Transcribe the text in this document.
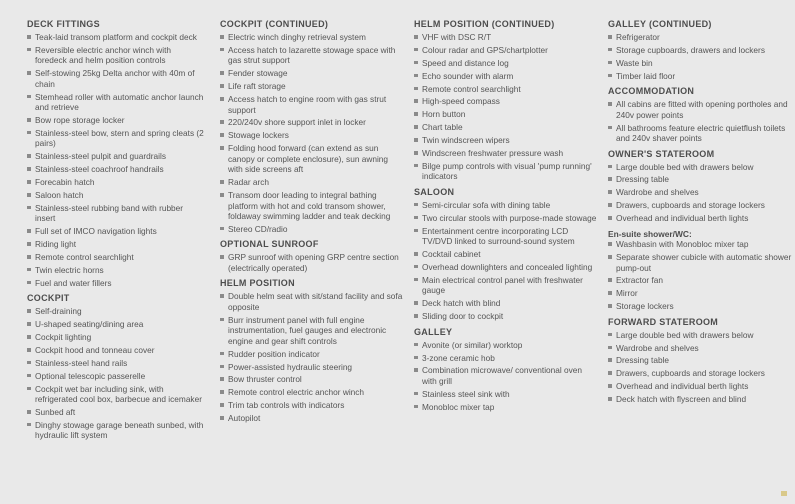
DECK FITTINGS
Teak-laid transom platform and cockpit deck
Reversible electric anchor winch with foredeck and helm position controls
Self-stowing 25kg Delta anchor with 40m of chain
Stemhead roller with automatic anchor launch and retrieve
Bow rope storage locker
Stainless-steel bow, stern and spring cleats (2 pairs)
Stainless-steel pulpit and guardrails
Stainless-steel coachroof handrails
Forecabin hatch
Saloon hatch
Stainless-steel rubbing band with rubber insert
Full set of IMCO navigation lights
Riding light
Remote control searchlight
Twin electric horns
Fuel and water fillers
COCKPIT
Self-draining
U-shaped seating/dining area
Cockpit lighting
Cockpit hood and tonneau cover
Stainless-steel hand rails
Optional telescopic passerelle
Cockpit wet bar including sink, with refrigerated cool box, barbecue and icemaker
Sunbed aft
Dinghy stowage garage beneath sunbed, with hydraulic lift system
COCKPIT (CONTINUED)
Electric winch dinghy retrieval system
Access hatch to lazarette stowage space with gas strut support
Fender stowage
Life raft storage
Access hatch to engine room with gas strut support
220/240v shore support inlet in locker
Stowage lockers
Folding hood forward (can extend as sun canopy or complete enclosure), sun awning with side screens aft
Radar arch
Transom door leading to integral bathing platform with hot and cold transom shower, foldaway swimming ladder and teak decking
Stereo CD/radio
OPTIONAL SUNROOF
GRP sunroof with opening GRP centre section (electrically operated)
HELM POSITION
Double helm seat with sit/stand facility and sofa opposite
Burr instrument panel with full engine instrumentation, fuel gauges and electronic engine and gear shift controls
Rudder position indicator
Power-assisted hydraulic steering
Bow thruster control
Remote control electric anchor winch
Trim tab controls with indicators
Autopilot
HELM POSITION (CONTINUED)
VHF with DSC R/T
Colour radar and GPS/chartplotter
Speed and distance log
Echo sounder with alarm
Remote control searchlight
High-speed compass
Horn button
Chart table
Twin windscreen wipers
Windscreen freshwater pressure wash
Bilge pump controls with visual 'pump running' indicators
SALOON
Semi-circular sofa with dining table
Two circular stools with purpose-made stowage
Entertainment centre incorporating LCD TV/DVD linked to surround-sound system
Cocktail cabinet
Overhead downlighters and concealed lighting
Main electrical control panel with freshwater gauge
Deck hatch with blind
Sliding door to cockpit
GALLEY
Avonite (or similar) worktop
3-zone ceramic hob
Combination microwave/ conventional oven with grill
Stainless steel sink with
Monobloc mixer tap
GALLEY (CONTINUED)
Refrigerator
Storage cupboards, drawers and lockers
Waste bin
Timber laid floor
ACCOMMODATION
All cabins are fitted with opening portholes and 240v power points
All bathrooms feature electric quietflush toilets and 240v shaver points
OWNER'S STATEROOM
Large double bed with drawers below
Dressing table
Wardrobe and shelves
Drawers, cupboards and storage lockers
Overhead and individual berth lights
En-suite shower/WC:
Washbasin with Monobloc mixer tap
Separate shower cubicle with automatic shower pump-out
Extractor fan
Mirror
Storage lockers
FORWARD STATEROOM
Large double bed with drawers below
Wardrobe and shelves
Dressing table
Drawers, cupboards and storage lockers
Overhead and individual berth lights
Deck hatch with flyscreen and blind
